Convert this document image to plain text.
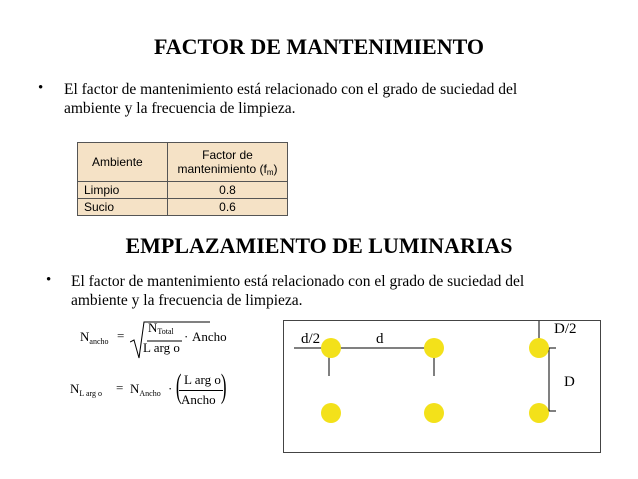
FACTOR DE MANTENIMIENTO
• El factor de mantenimiento está relacionado con el grado de suciedad del
ambiente y la frecuencia de limpieza.
Ambiente	Factor de
mantenimiento (fm)

Limpio	0.8
Sucio	0.6
EMPLAZAMIENTO DE LUMINARIAS
• El factor de mantenimiento está relacionado con el grado de suciedad del
ambiente y la frecuencia de limpieza.
$N_{ancho}$ =
$N_{Total}$
L arg o
· Ancho
$N_{L arg o} = N_{Ancho}$ · ( L arg o
Ancho )
d/2	d
D/2
D
